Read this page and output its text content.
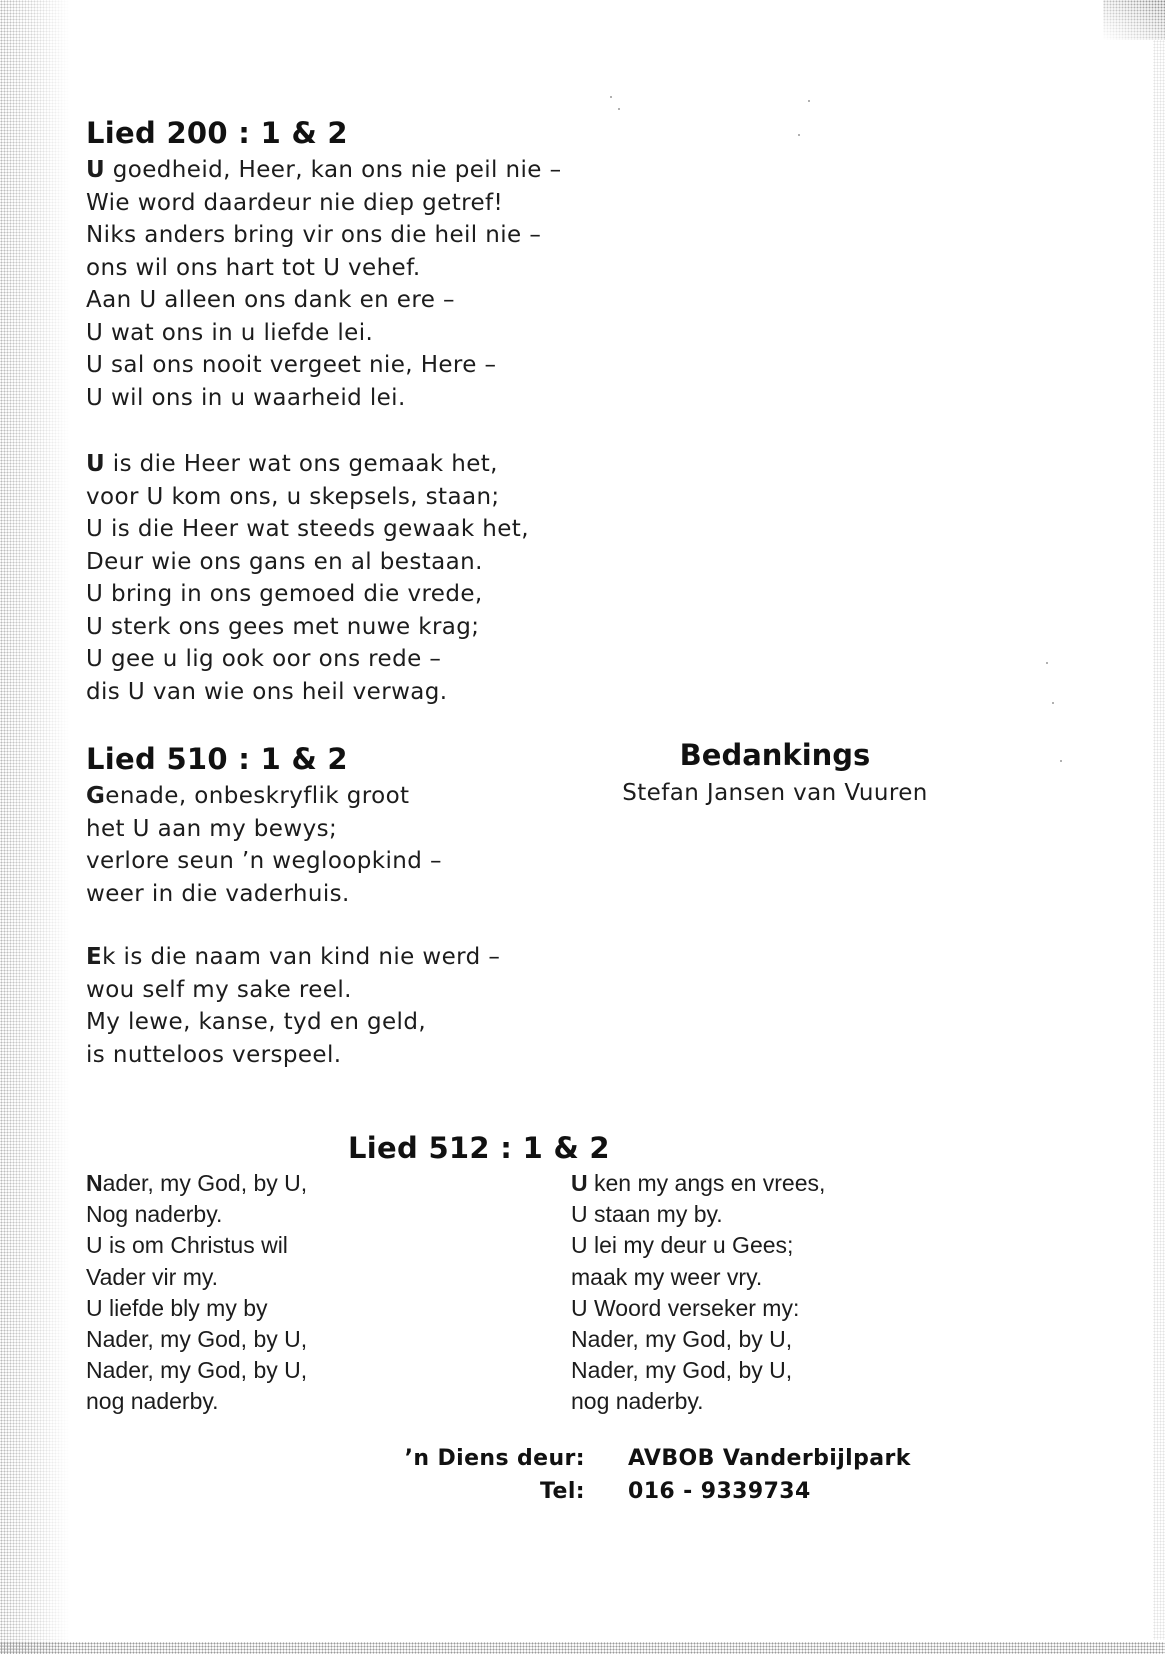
Lied 200 : 1 & 2
U goedheid, Heer, kan ons nie peil nie –
Wie word daardeur nie diep getref!
Niks anders bring vir ons die heil nie –
ons wil ons hart tot U vehef.
Aan U alleen ons dank en ere –
U wat ons in u liefde lei.
U sal ons nooit vergeet nie, Here –
U wil ons in u waarheid lei.
U is die Heer wat ons gemaak het,
voor U kom ons, u skepsels, staan;
U is die Heer wat steeds gewaak het,
Deur wie ons gans en al bestaan.
U bring in ons gemoed die vrede,
U sterk ons gees met nuwe krag;
U gee u lig ook oor ons rede –
dis U van wie ons heil verwag.
Lied 510 : 1 & 2
Genade, onbeskryflik groot
het U aan my bewys;
verlore seun ’n wegloopkind –
weer in die vaderhuis.
Ek is die naam van kind nie werd –
wou self my sake reel.
My lewe, kanse, tyd en geld,
is nutteloos verspeel.
Bedankings
Stefan Jansen van Vuuren
Lied 512 : 1 & 2
Nader, my God, by U,
Nog naderby.
U is om Christus wil
Vader vir my.
U liefde bly my by
Nader, my God, by U,
Nader, my God, by U,
nog naderby.
U ken my angs en vrees,
U staan my by.
U lei my deur u Gees;
maak my weer vry.
U Woord verseker my:
Nader, my God, by U,
Nader, my God, by U,
nog naderby.
’n Diens deur: AVBOB Vanderbijlpark
Tel: 016 - 9339734
